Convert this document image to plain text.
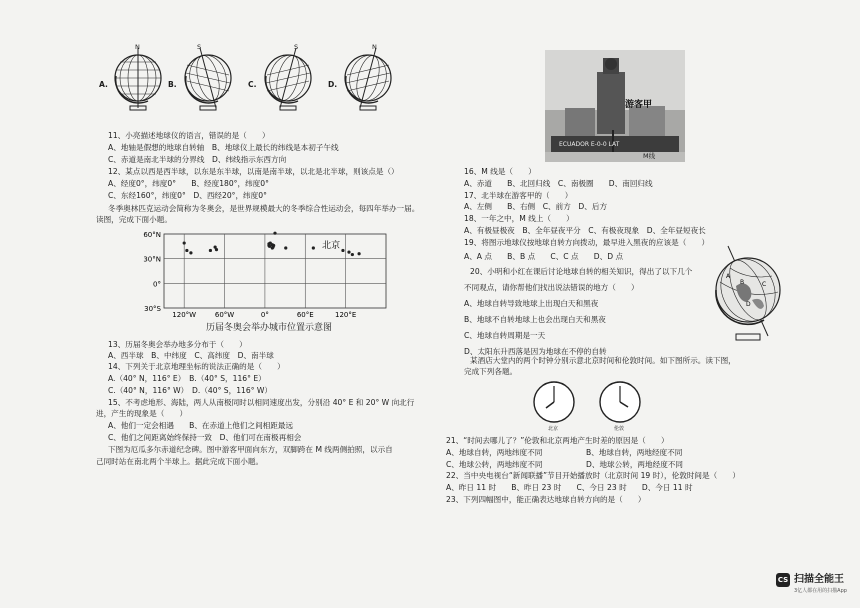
A.
N
B.
S
C.
S
D.
N
11、小亮描述地球仪的语言，错误的是（　　）
A、地轴是假想的地球自转轴　B、地球仪上最长的纬线是本初子午线
C、赤道是南北半球的分界线　D、纬线指示东西方向
12、某点以西是西半球，以东是东半球，以南是南半球，以北是北半球，则该点是（）
A、经度0°，纬度0°　　B、经度180°，纬度0°
C、东经160°，纬度0°　D、西经20°，纬度0°
冬季奥林匹克运动会简称为冬奥会，是世界规模最大的冬季综合性运动会，每四年举办一届。
读图，完成下面小题。
13、历届冬奥会举办地多分布于（　　）
A、西半球　B、中纬度　C、高纬度　D、南半球
14、下列关于北京地理坐标的说法正确的是（　　）
A.（40° N，116° E）　B.（40° S，116° E）
C.（40° N，116° W）　D.（40° S，116° W）
15、不考虑地形、海陆，两人从南极同时以相同速度出发，分别沿 40° E 和 20° W 向北行
进，产生的现象是（　　）
A、他们一定会相遇　　B、在赤道上他们之间相距最远
C、他们之间距离始终保持一致　D、他们可在南极再相会
下图为厄瓜多尔赤道纪念碑。图中游客甲面向东方，双脚跨在 M 线两侧拍照，以示自
己同时站在南北两个半球上。据此完成下面小题。
60°N
30°N
0°
30°S
120°W	60°W	0°	60°E	120°E
北京
历届冬奥会举办城市位置示意图
游客甲
ECUADOR E-0-0 LAT
M线
16、M 线是（　　）
A、赤道　　B、北回归线　C、南极圈　　D、南回归线
17、北半球在游客甲的（　　）
A、左侧　　B、右侧　C、前方　D、后方
18、一年之中，M 线上（　　）
A、有极昼极夜　B、全年昼夜平分　C、有极夜现象　D、全年昼短夜长
19、将图示地球仪按地球自转方向拨动，最早进入黑夜的应该是（　　）
A、A 点　　B、B 点　　C、C 点　　D、D 点
20、小明和小红在课后讨论地球自转的相关知识，得出了以下几个
不同观点，请你帮他们找出说法错误的地方（　　）
A、地球自转导致地球上出现白天和黑夜
B、地球不自转地球上也会出现白天和黑夜
C、地球自转周期是一天
D、太阳东升西落是因为地球在不停的自转
某酒店大堂内的两个时钟分别示意北京时间和伦敦时间。如下图所示。读下图，
完成下列各题。
21、“时间去哪儿了？”伦敦和北京两地产生时差的原因是（　　）
A、地球自转，两地纬度不同	B、地球自转，两地经度不同
C、地球公转，两地纬度不同	D、地球公转，两地经度不同
22、当中央电视台“新闻联播”节目开始播放时（北京时间 19 时），伦敦时间是（　　）
A、昨日 11 时　　B、昨日 23 时　　C、今日 23 时　　D、今日 11 时
23、下列四幅图中，能正确表达地球自转方向的是（　　）
A
B	C
D
北京	伦敦
CS 扫描全能王
3亿人都在用的扫描App
